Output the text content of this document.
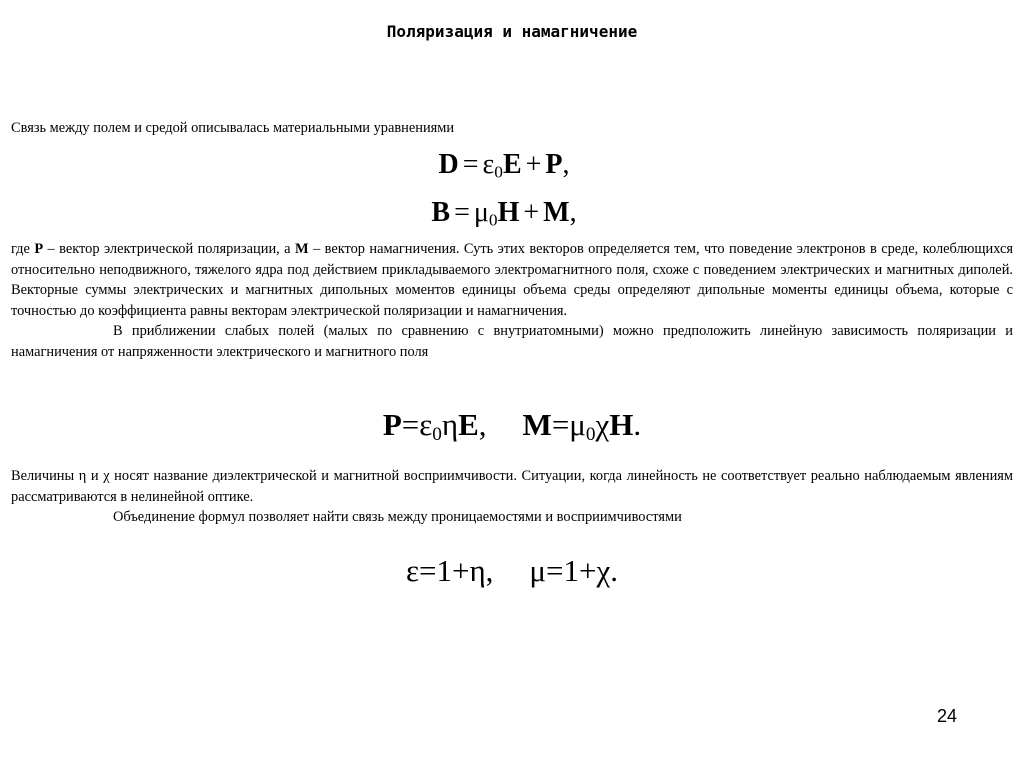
Поляризация и намагничение
Связь между полем и средой описывалась материальными уравнениями
$D = \varepsilon_0E + P$,
$B = \mu_0H + M$,
где P – вектор электрической поляризации, а M – вектор намагничения. Суть этих векторов определяется тем, что поведение электронов в среде, колеблющихся относительно неподвижного, тяжелого ядра под действием прикладываемого электромагнитного поля, схоже с поведением электрических и магнитных диполей. Векторные суммы электрических и магнитных дипольных моментов единицы объема среды определяют дипольные моменты единицы объема, которые с точностью до коэффициента равны векторам электрической поляризации и намагничения.
В приближении слабых полей (малых по сравнению с внутриатомными) можно предположить линейную зависимость поляризации и намагничения от напряженности электрического и магнитного поля
$P=\varepsilon_0\eta E$, $M=\mu_0\chi H$.
Величины η и χ носят название диэлектрической и магнитной восприимчивости. Ситуации, когда линейность не соответствует реально наблюдаемым явлениям рассматриваются в нелинейной оптике.
Объединение формул позволяет найти связь между проницаемостями и восприимчивостями
ε=1+η, μ=1+χ.
24
